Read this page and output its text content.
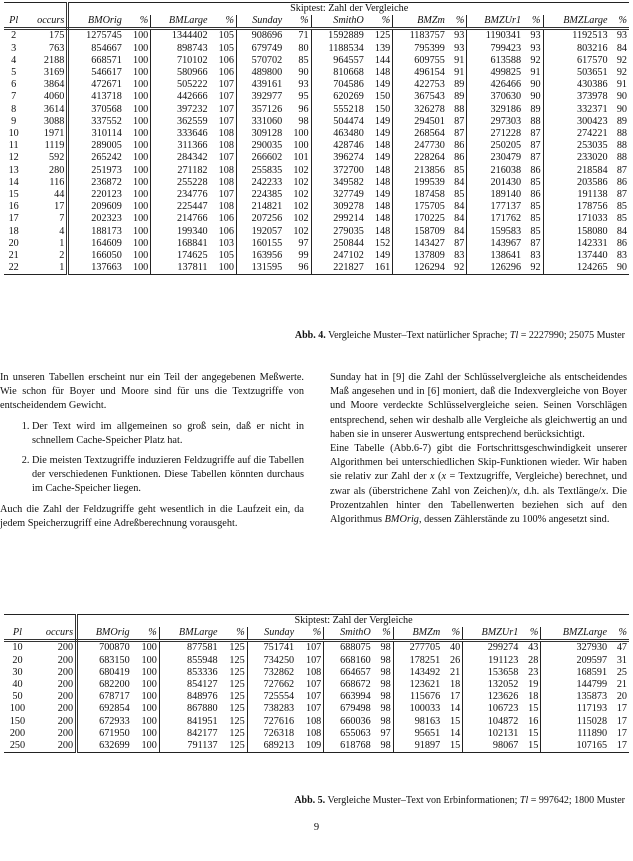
		Skiptest: Zahl der Vergleiche													
Pl	occurs	BMOrig	%	BMLarge	%	Sunday	%	SmithO	%	BMZm	%	BMZUr1	%	BMZLarge	%
2	175	1275745	100	1344402	105	908696	71	1592889	125	1183757	93	1190341	93	1192513	93
3	763	854667	100	898743	105	679749	80	1188534	139	795399	93	799423	93	803216	84
4	2188	668571	100	710102	106	570702	85	964557	144	609755	91	613588	92	617570	92
5	3169	546617	100	580966	106	489800	90	810668	148	496154	91	499825	91	503651	92
6	3864	472671	100	505222	107	439161	93	704586	149	422753	89	426466	90	430386	91
7	4060	413718	100	442666	107	392977	95	620269	150	367543	89	370630	90	373978	90
8	3614	370568	100	397232	107	357126	96	555218	150	326278	88	329186	89	332371	90
9	3088	337552	100	362559	107	331060	98	504474	149	294501	87	297303	88	300423	89
10	1971	310114	100	333646	108	309128	100	463480	149	268564	87	271228	87	274221	88
11	1119	289005	100	311366	108	290035	100	428746	148	247730	86	250205	87	253035	88
12	592	265242	100	284342	107	266602	101	396274	149	228264	86	230479	87	233020	88
13	280	251973	100	271182	108	255835	102	372700	148	213856	85	216038	86	218584	87
14	116	236872	100	255228	108	242233	102	349582	148	199539	84	201430	85	203586	86
15	44	220123	100	234776	107	224385	102	327749	149	187458	85	189140	86	191138	87
16	17	209609	100	225447	108	214821	102	309278	148	175705	84	177137	85	178756	85
17	7	202323	100	214766	106	207256	102	299214	148	170225	84	171762	85	171033	85
18	4	188173	100	199340	106	192057	102	279035	148	158709	84	159583	85	158080	84
20	1	164609	100	168841	103	160155	97	250844	152	143427	87	143967	87	142331	86
21	2	166050	100	174625	105	163956	99	247102	149	137809	83	138641	83	137440	83
22	1	137663	100	137811	100	131595	96	221827	161	126294	92	126296	92	124265	90
Abb. 4. Vergleiche Muster–Text natürlicher Sprache; Tl = 2227990; 25075 Muster

In unseren Tabellen erscheint nur ein Teil der angegebenen Meßwerte. Wie schon für Boyer und Moore sind für uns die Textzugriffe von entscheidendem Gewicht.

1. Der Text wird im allgemeinen so groß sein, daß er nicht in schnellem Cache-Speicher Platz hat.
2. Die meisten Textzugriffe induzieren Feldzugriffe auf die Tabellen der verschiedenen Funktionen. Diese Tabellen könnten durchaus im Cache-Speicher liegen.

Auch die Zahl der Feldzugriffe geht wesentlich in die Laufzeit ein, da jedem Speicherzugriff eine Adreßberechnung vorausgeht.

Sunday hat in [9] die Zahl der Schlüsselvergleiche als entscheidendes Maß angesehen und in [6] moniert, daß die Indexvergleiche von Boyer und Moore verdeckte Schlüsselvergleiche seien. Seinen Vorschlägen entsprechend, sehen wir deshalb alle Vergleiche als gleichwertig an und haben sie in unserer Auswertung entsprechend berücksichtigt.

Eine Tabelle (Abb.6-7) gibt die Fortschrittsgeschwindigkeit unserer Algorithmen bei unterschiedlichen Skip-Funktionen wieder. Wir haben sie relativ zur Zahl der x (x = Textzugriffe, Vergleiche) berechnet, und zwar als (überstrichene Zahl von Zeichen)/x, d.h. als Textlänge/x. Die Prozentzahlen hinter den Tabellenwerten beziehen sich auf den Algorithmus BMOrig, dessen Zählerstände zu 100% angesetzt sind.

		Skiptest: Zahl der Vergleiche													
Pl	occurs	BMOrig	%	BMLarge	%	Sunday	%	SmithO	%	BMZm	%	BMZUr1	%	BMZLarge	%
10	200	700870	100	877581	125	751741	107	688075	98	277705	40	299274	43	327930	47
20	200	683150	100	855948	125	734250	107	668160	98	178251	26	191123	28	209597	31
30	200	680419	100	853336	125	732862	108	664657	98	143492	21	153658	23	168591	25
40	200	682200	100	854127	125	727662	107	668672	98	123621	18	132052	19	144799	21
50	200	678717	100	848976	125	725554	107	663994	98	115676	17	123626	18	135873	20
100	200	692854	100	867880	125	738283	107	679498	98	100033	14	106723	15	117193	17
150	200	672933	100	841951	125	727616	108	660036	98	98163	15	104872	16	115028	17
200	200	671950	100	842177	125	726318	108	655063	97	95651	14	102131	15	111890	17
250	200	632699	100	791137	125	689213	109	618768	98	91897	15	98067	15	107165	17
Abb. 5. Vergleiche Muster–Text von Erbinformationen; Tl = 997642; 1800 Muster
9
